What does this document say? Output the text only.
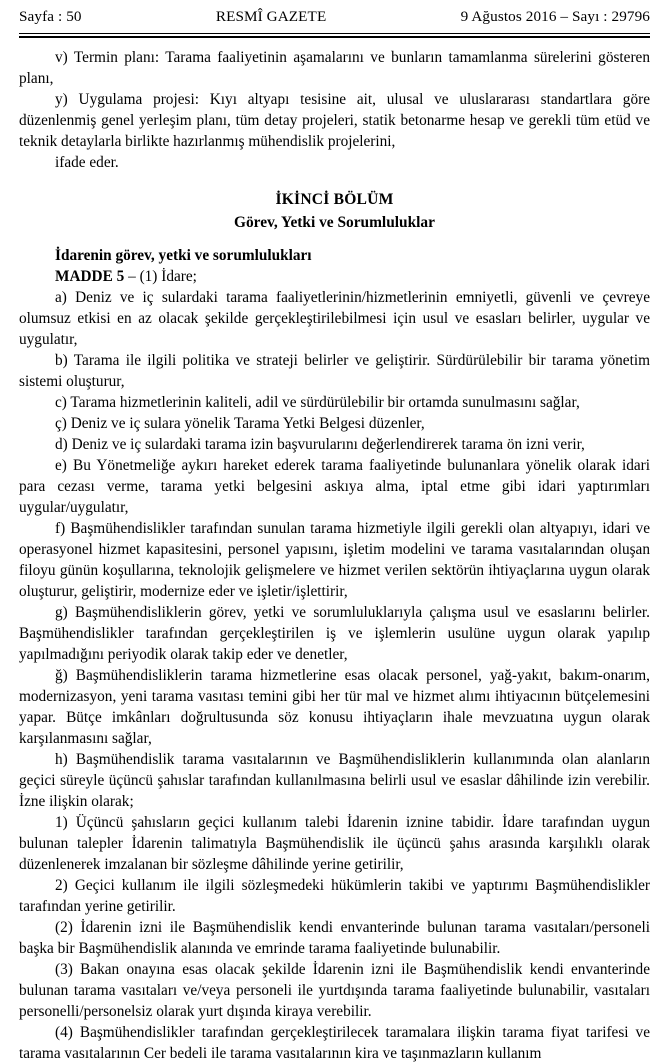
Sayfa : 50	RESMÎ GAZETE	9 Ağustos 2016 – Sayı : 29796

v) Termin planı: Tarama faaliyetinin aşamalarını ve bunların tamamlanma sürelerini gösteren planı,

y) Uygulama projesi: Kıyı altyapı tesisine ait, ulusal ve uluslararası standartlara göre düzenlenmiş genel yerleşim planı, tüm detay projeleri, statik betonarme hesap ve gerekli tüm etüd ve teknik detaylarla birlikte hazırlanmış mühendislik projelerini,

ifade eder.

İKİNCİ BÖLÜM
Görev, Yetki ve Sorumluluklar
İdarenin görev, yetki ve sorumlulukları

MADDE 5 – (1) İdare;

a) Deniz ve iç sulardaki tarama faaliyetlerinin/hizmetlerinin emniyetli, güvenli ve çevreye olumsuz etkisi en az olacak şekilde gerçekleştirilebilmesi için usul ve esasları belirler, uygular ve uygulatır,

b) Tarama ile ilgili politika ve strateji belirler ve geliştirir. Sürdürülebilir bir tarama yönetim sistemi oluşturur,

c) Tarama hizmetlerinin kaliteli, adil ve sürdürülebilir bir ortamda sunulmasını sağlar,

ç) Deniz ve iç sulara yönelik Tarama Yetki Belgesi düzenler,

d) Deniz ve iç sulardaki tarama izin başvurularını değerlendirerek tarama ön izni verir,

e) Bu Yönetmeliğe aykırı hareket ederek tarama faaliyetinde bulunanlara yönelik olarak idari para cezası verme, tarama yetki belgesini askıya alma, iptal etme gibi idari yaptırımları uygular/uygulatır,

f) Başmühendislikler tarafından sunulan tarama hizmetiyle ilgili gerekli olan altyapıyı, idari ve operasyonel hizmet kapasitesini, personel yapısını, işletim modelini ve tarama vasıtalarından oluşan filoyu günün koşullarına, teknolojik gelişmelere ve hizmet verilen sektörün ihtiyaçlarına uygun olarak oluşturur, geliştirir, modernize eder ve işletir/işlettirir,

g) Başmühendisliklerin görev, yetki ve sorumluluklarıyla çalışma usul ve esaslarını belirler. Başmühendislikler tarafından gerçekleştirilen iş ve işlemlerin usulüne uygun olarak yapılıp yapılmadığını periyodik olarak takip eder ve denetler,

ğ) Başmühendisliklerin tarama hizmetlerine esas olacak personel, yağ-yakıt, bakım-onarım, modernizasyon, yeni tarama vasıtası temini gibi her tür mal ve hizmet alımı ihtiyacının bütçelemesini yapar. Bütçe imkânları doğrultusunda söz konusu ihtiyaçların ihale mevzuatına uygun olarak karşılanmasını sağlar,

h) Başmühendislik tarama vasıtalarının ve Başmühendisliklerin kullanımında olan alanların geçici süreyle üçüncü şahıslar tarafından kullanılmasına belirli usul ve esaslar dâhilinde izin verebilir. İzne ilişkin olarak;

1) Üçüncü şahısların geçici kullanım talebi İdarenin iznine tabidir. İdare tarafından uygun bulunan talepler İdarenin talimatıyla Başmühendislik ile üçüncü şahıs arasında karşılıklı olarak düzenlenerek imzalanan bir sözleşme dâhilinde yerine getirilir,

2) Geçici kullanım ile ilgili sözleşmedeki hükümlerin takibi ve yaptırımı Başmühendislikler tarafından yerine getirilir.

(2) İdarenin izni ile Başmühendislik kendi envanterinde bulunan tarama vasıtaları/personeli başka bir Başmühendislik alanında ve emrinde tarama faaliyetinde bulunabilir.

(3) Bakan onayına esas olacak şekilde İdarenin izni ile Başmühendislik kendi envanterinde bulunan tarama vasıtaları ve/veya personeli ile yurtdışında tarama faaliyetinde bulunabilir, vasıtaları personelli/personelsiz olarak yurt dışında kiraya verebilir.

(4) Başmühendislikler tarafından gerçekleştirilecek taramalara ilişkin tarama fiyat tarifesi ve tarama vasıtalarının Cer bedeli ile tarama vasıtalarının kira ve taşınmazların kullanım
